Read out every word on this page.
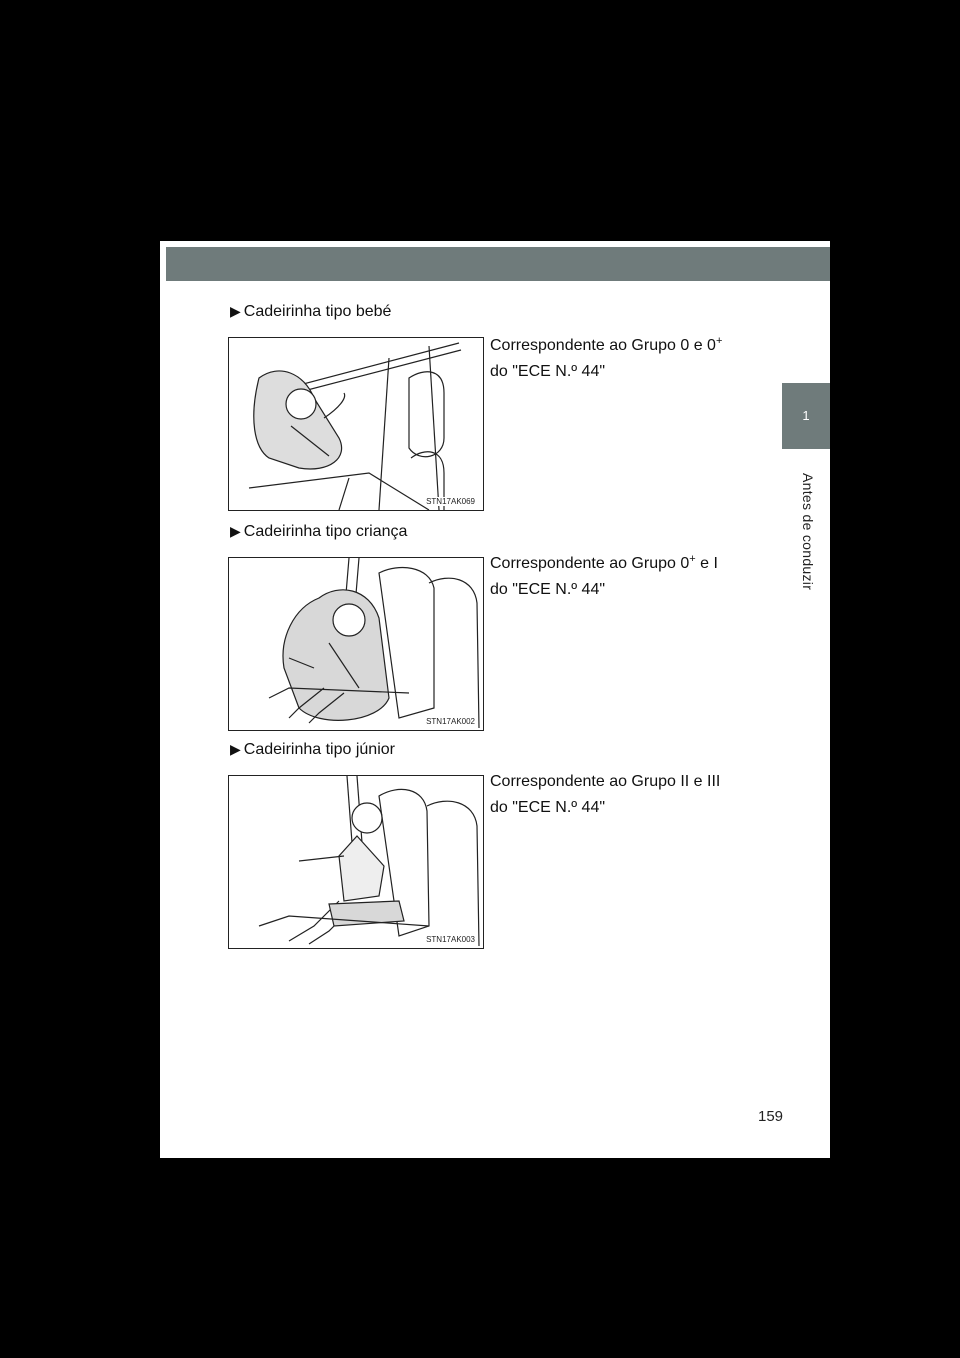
1
Antes de conduzir
▶ Cadeirinha tipo bebé
Correspondente ao Grupo 0 e 0+
do "ECE N.º 44"
STN17AK069
▶ Cadeirinha tipo criança
Correspondente ao Grupo 0+ e I
do "ECE N.º 44"
STN17AK002
▶ Cadeirinha tipo júnior
Correspondente ao Grupo II e III
do "ECE N.º 44"
STN17AK003
159
